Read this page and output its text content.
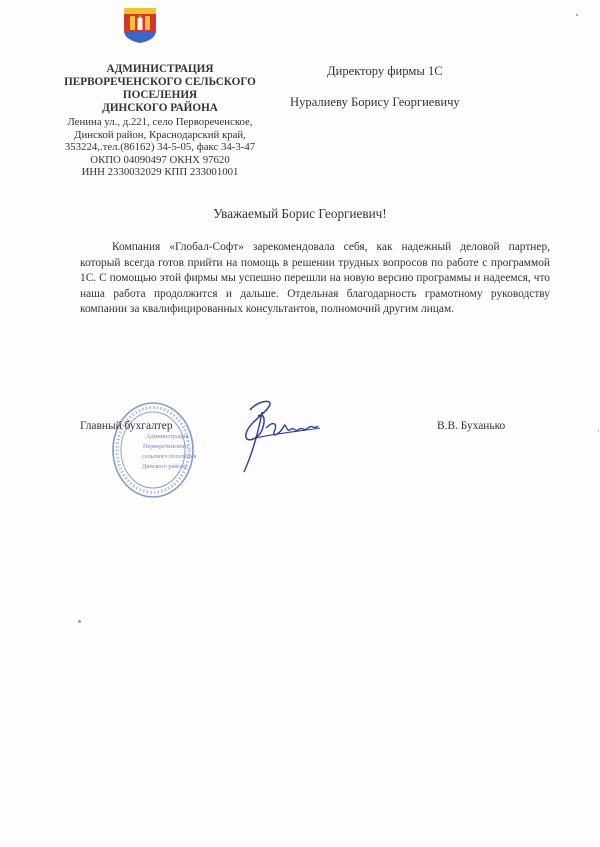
АДМИНИСТРАЦИЯ
ПЕРВОРЕЧЕНСКОГО СЕЛЬСКОГО
ПОСЕЛЕНИЯ
ДИНСКОГО РАЙОНА
Ленина ул., д.221, село Первореченское,
Динской район, Краснодарский край,
353224,.тел.(86162) 34-5-05, факс 34-3-47
ОКПО 04090497 ОКНХ 97620
ИНН 2330032029 КПП 233001001
Директору фирмы 1С
Нуралиеву Борису Георгиевичу
Уважаемый Борис Георгиевич!

Компания «Глобал-Софт» зарекомендовала себя, как надежный деловой партнер, который всегда готов прийти на помощь в решении трудных вопросов по работе с программой 1С. С помощью этой фирмы мы успешно перешли на новую версию программы и надеемся, что наша работа продолжится и дальше. Отдельная благодарность грамотному руководству компании за квалифицированных консультантов, полномочий другим лицам.

Администрация
Первореченского
сельского поселения
Динского района
Главный бухгалтер	В.В. Буханько
